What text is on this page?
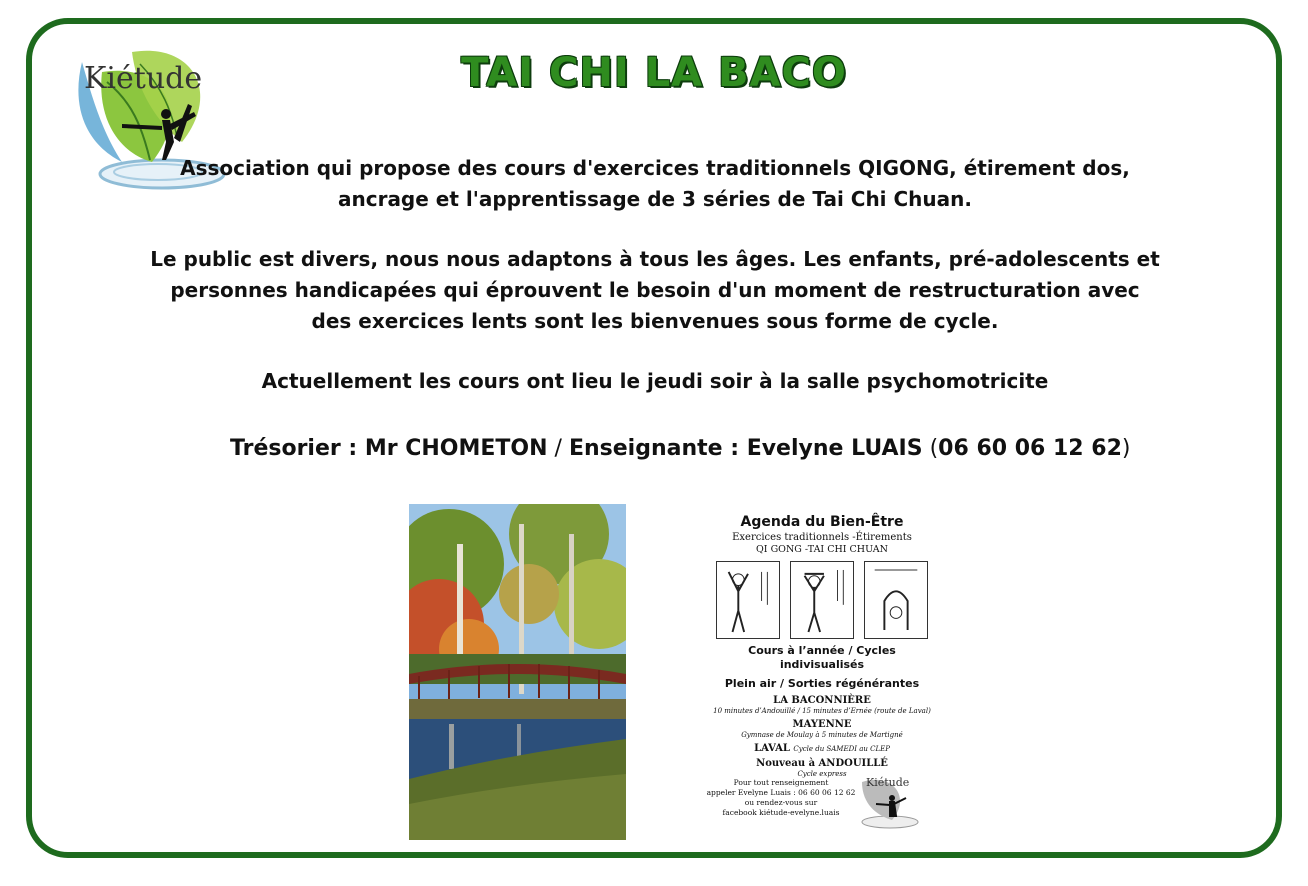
Kiétude	TAI CHI LA BACO

Association qui propose des cours d'exercices traditionnels QIGONG, étirement dos, ancrage et l'apprentissage de 3 séries de Tai Chi Chuan.

Le public est divers, nous nous adaptons à tous les âges. Les enfants, pré-adolescents et personnes handicapées qui éprouvent le besoin d'un moment de restructuration avec des exercices lents sont les bienvenues sous forme de cycle.

Actuellement les cours ont lieu le jeudi soir à la salle psychomotricite

Trésorier : Mr CHOMETON / Enseignante : Evelyne LUAIS (06 60 06 12 62)

Agenda du Bien-Être
Exercices traditionnels -Étirements
QI GONG -TAI CHI CHUAN
Cours à l’année / Cycles indivisualisés
Plein air / Sorties régénérantes
LA BACONNIÈRE
10 minutes d’Andouillé / 15 minutes d’Ernée (route de Laval)
MAYENNE
Gymnase de Moulay à 5 minutes de Martigné
LAVAL Cycle du SAMEDI au CLEP
Nouveau à ANDOUILLÉ
Cycle express
Pour tout renseignement
appeler Evelyne Luais : 06 60 06 12 62
ou rendez-vous sur
facebook kiétude-evelyne.luais
Kiétude
